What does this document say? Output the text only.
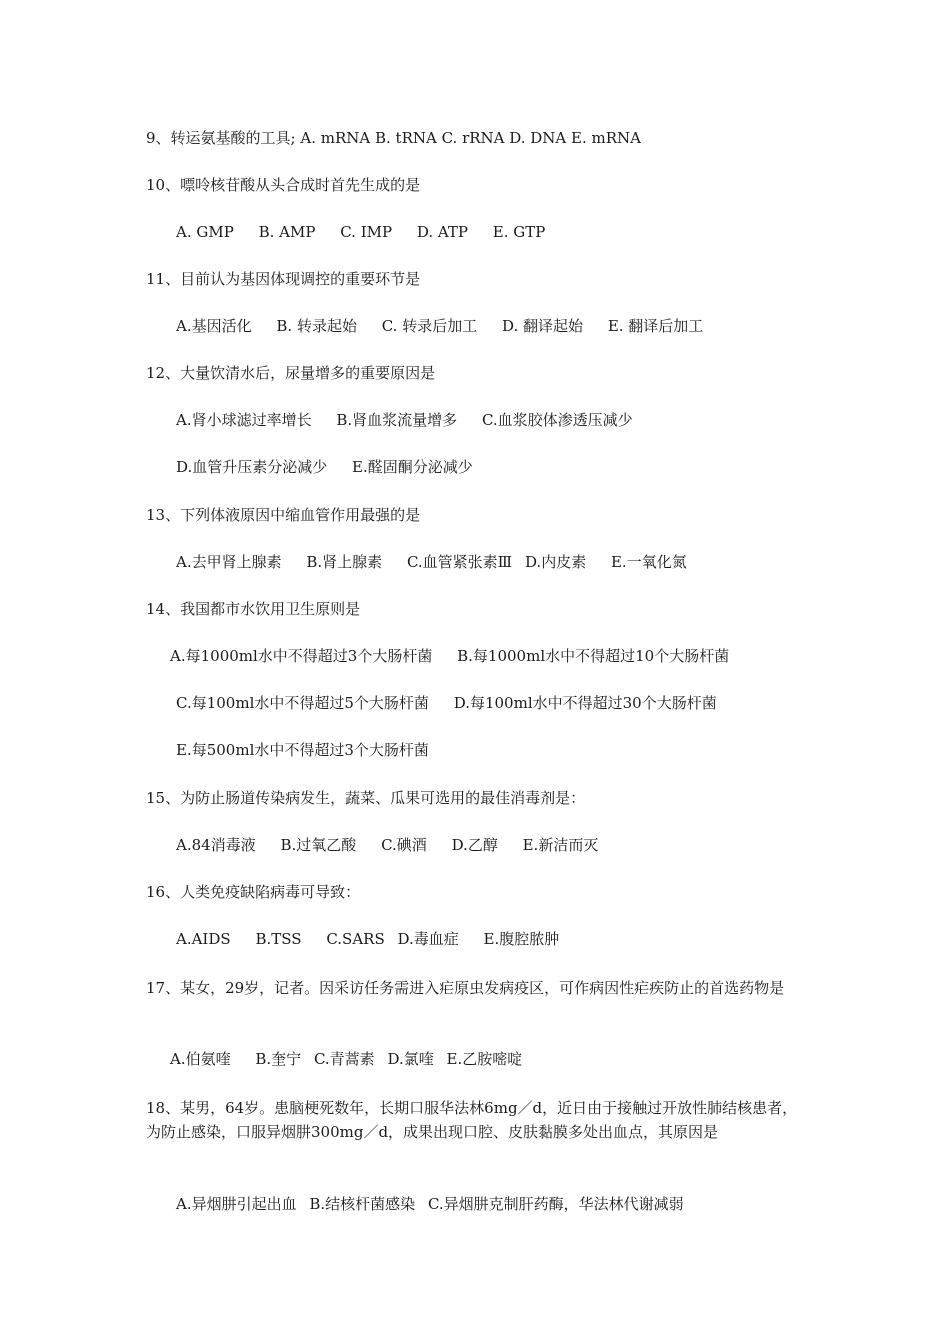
9、转运氨基酸的工具; A. mRNA B. tRNA C. rRNA D. DNA E. mRNA
10、嘌呤核苷酸从头合成时首先生成的是
A. GMP B. AMP C. IMP D. ATP E. GTP
11、目前认为基因体现调控的重要环节是
A.基因活化 B. 转录起始 C. 转录后加工 D. 翻译起始 E. 翻译后加工
12、大量饮清水后，尿量增多的重要原因是
A.肾小球滤过率增长 B.肾血浆流量增多 C.血浆胶体渗透压减少
D.血管升压素分泌减少 E.醛固酮分泌减少
13、下列体液原因中缩血管作用最强的是
A.去甲肾上腺素 B.肾上腺素 C.血管紧张素Ⅲ D.内皮素 E.一氧化氮
14、我国都市水饮用卫生原则是
A.每1000ml水中不得超过3个大肠杆菌 B.每1000ml水中不得超过10个大肠杆菌
C.每100ml水中不得超过5个大肠杆菌 D.每100ml水中不得超过30个大肠杆菌
E.每500ml水中不得超过3个大肠杆菌
15、为防止肠道传染病发生，蔬菜、瓜果可选用的最佳消毒剂是：
A.84消毒液 B.过氧乙酸 C.碘酒 D.乙醇 E.新洁而灭
16、人类免疫缺陷病毒可导致：
A.AIDS B.TSS C.SARS D.毒血症 E.腹腔脓肿
17、某女，29岁，记者。因采访任务需进入疟原虫发病疫区，可作病因性疟疾防止的首选药物是
A.伯氨喹 B.奎宁 C.青蒿素 D.氯喹 E.乙胺嘧啶
18、某男，64岁。患脑梗死数年，长期口服华法林6mg／d，近日由于接触过开放性肺结核患者，为防止感染，口服异烟肼300mg／d，成果出现口腔、皮肤黏膜多处出血点，其原因是
A.异烟肼引起出血 B.结核杆菌感染 C.异烟肼克制肝药酶，华法林代谢减弱
